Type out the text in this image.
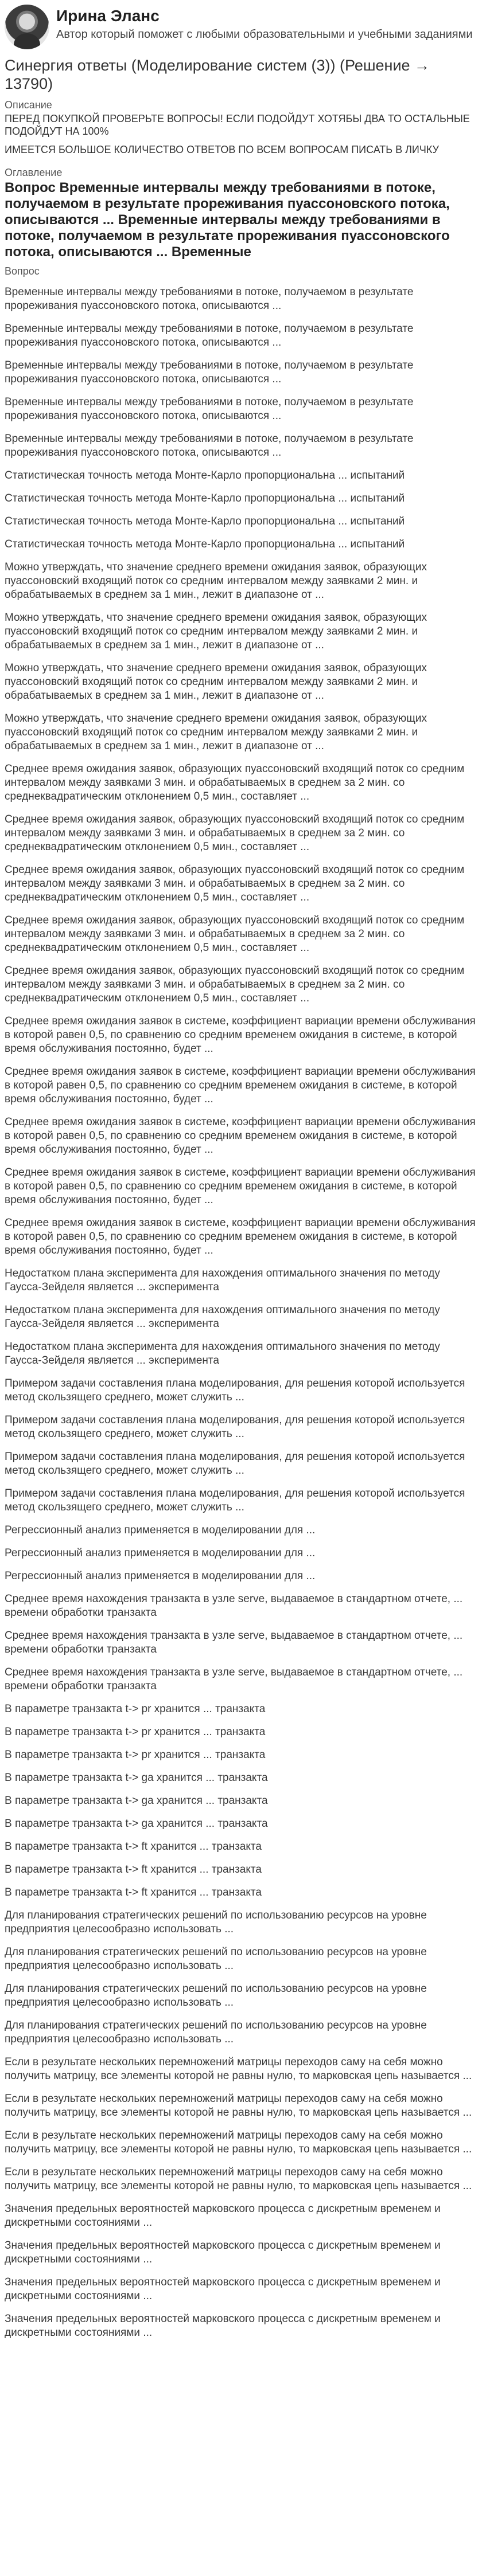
Ирина Эланс
Автор который поможет с любыми образовательными и учебными заданиями
Синергия ответы (Моделирование систем (3)) (Решение → 13790)
Описание
ПЕРЕД ПОКУПКОЙ ПРОВЕРЬТЕ ВОПРОСЫ! ЕСЛИ ПОДОЙДУТ ХОТЯБЫ ДВА ТО ОСТАЛЬНЫЕ ПОДОЙДУТ НА 100%
ИМЕЕТСЯ БОЛЬШОЕ КОЛИЧЕСТВО ОТВЕТОВ ПО ВСЕМ ВОПРОСАМ ПИСАТЬ В ЛИЧКУ
Оглавление
Вопрос Временные интервалы между требованиями в потоке, получаемом в результате прореживания пуассоновского потока, описываются ... Временные интервалы между требованиями в потоке, получаемом в результате прореживания пуассоновского потока, описываются ... Временные
Вопрос
Временные интервалы между требованиями в потоке, получаемом в результате прореживания пуассоновского потока, описываются ...
Временные интервалы между требованиями в потоке, получаемом в результате прореживания пуассоновского потока, описываются ...
Временные интервалы между требованиями в потоке, получаемом в результате прореживания пуассоновского потока, описываются ...
Временные интервалы между требованиями в потоке, получаемом в результате прореживания пуассоновского потока, описываются ...
Временные интервалы между требованиями в потоке, получаемом в результате прореживания пуассоновского потока, описываются ...
Статистическая точность метода Монте-Карло пропорциональна ... испытаний
Статистическая точность метода Монте-Карло пропорциональна ... испытаний
Статистическая точность метода Монте-Карло пропорциональна ... испытаний
Статистическая точность метода Монте-Карло пропорциональна ... испытаний
Можно утверждать, что значение среднего времени ожидания заявок, образующих пуассоновский входящий поток со средним интервалом между заявками 2 мин. и обрабатываемых в среднем за 1 мин., лежит в диапазоне от ...
Можно утверждать, что значение среднего времени ожидания заявок, образующих пуассоновский входящий поток со средним интервалом между заявками 2 мин. и обрабатываемых в среднем за 1 мин., лежит в диапазоне от ...
Можно утверждать, что значение среднего времени ожидания заявок, образующих пуассоновский входящий поток со средним интервалом между заявками 2 мин. и обрабатываемых в среднем за 1 мин., лежит в диапазоне от ...
Можно утверждать, что значение среднего времени ожидания заявок, образующих пуассоновский входящий поток со средним интервалом между заявками 2 мин. и обрабатываемых в среднем за 1 мин., лежит в диапазоне от ...
Среднее время ожидания заявок, образующих пуассоновский входящий поток со средним интервалом между заявками 3 мин. и обрабатываемых в среднем за 2 мин. со среднеквадратическим отклонением 0,5 мин., составляет ...
Среднее время ожидания заявок, образующих пуассоновский входящий поток со средним интервалом между заявками 3 мин. и обрабатываемых в среднем за 2 мин. со среднеквадратическим отклонением 0,5 мин., составляет ...
Среднее время ожидания заявок, образующих пуассоновский входящий поток со средним интервалом между заявками 3 мин. и обрабатываемых в среднем за 2 мин. со среднеквадратическим отклонением 0,5 мин., составляет ...
Среднее время ожидания заявок, образующих пуассоновский входящий поток со средним интервалом между заявками 3 мин. и обрабатываемых в среднем за 2 мин. со среднеквадратическим отклонением 0,5 мин., составляет ...
Среднее время ожидания заявок, образующих пуассоновский входящий поток со средним интервалом между заявками 3 мин. и обрабатываемых в среднем за 2 мин. со среднеквадратическим отклонением 0,5 мин., составляет ...
Среднее время ожидания заявок в системе, коэффициент вариации времени обслуживания в которой равен 0,5, по сравнению со средним временем ожидания в системе, в которой время обслуживания постоянно, будет ...
Среднее время ожидания заявок в системе, коэффициент вариации времени обслуживания в которой равен 0,5, по сравнению со средним временем ожидания в системе, в которой время обслуживания постоянно, будет ...
Среднее время ожидания заявок в системе, коэффициент вариации времени обслуживания в которой равен 0,5, по сравнению со средним временем ожидания в системе, в которой время обслуживания постоянно, будет ...
Среднее время ожидания заявок в системе, коэффициент вариации времени обслуживания в которой равен 0,5, по сравнению со средним временем ожидания в системе, в которой время обслуживания постоянно, будет ...
Среднее время ожидания заявок в системе, коэффициент вариации времени обслуживания в которой равен 0,5, по сравнению со средним временем ожидания в системе, в которой время обслуживания постоянно, будет ...
Недостатком плана эксперимента для нахождения оптимального значения по методу Гаусса-Зейделя является ... эксперимента
Недостатком плана эксперимента для нахождения оптимального значения по методу Гаусса-Зейделя является ... эксперимента
Недостатком плана эксперимента для нахождения оптимального значения по методу Гаусса-Зейделя является ... эксперимента
Примером задачи составления плана моделирования, для решения которой используется метод скользящего среднего, может служить ...
Примером задачи составления плана моделирования, для решения которой используется метод скользящего среднего, может служить ...
Примером задачи составления плана моделирования, для решения которой используется метод скользящего среднего, может служить ...
Примером задачи составления плана моделирования, для решения которой используется метод скользящего среднего, может служить ...
Регрессионный анализ применяется в моделировании для ...
Регрессионный анализ применяется в моделировании для ...
Регрессионный анализ применяется в моделировании для ...
Среднее время нахождения транзакта в узле serve, выдаваемое в стандартном отчете, ... времени обработки транзакта
Среднее время нахождения транзакта в узле serve, выдаваемое в стандартном отчете, ... времени обработки транзакта
Среднее время нахождения транзакта в узле serve, выдаваемое в стандартном отчете, ... времени обработки транзакта
В параметре транзакта t-> pr хранится ... транзакта
В параметре транзакта t-> pr хранится ... транзакта
В параметре транзакта t-> pr хранится ... транзакта
В параметре транзакта t-> ga хранится ... транзакта
В параметре транзакта t-> ga хранится ... транзакта
В параметре транзакта t-> ga хранится ... транзакта
В параметре транзакта t-> ft хранится ... транзакта
В параметре транзакта t-> ft хранится ... транзакта
В параметре транзакта t-> ft хранится ... транзакта
Для планирования стратегических решений по использованию ресурсов на уровне предприятия целесообразно использовать ...
Для планирования стратегических решений по использованию ресурсов на уровне предприятия целесообразно использовать ...
Для планирования стратегических решений по использованию ресурсов на уровне предприятия целесообразно использовать ...
Для планирования стратегических решений по использованию ресурсов на уровне предприятия целесообразно использовать ...
Если в результате нескольких перемножений матрицы переходов саму на себя можно получить матрицу, все элементы которой не равны нулю, то марковская цепь называется ...
Если в результате нескольких перемножений матрицы переходов саму на себя можно получить матрицу, все элементы которой не равны нулю, то марковская цепь называется ...
Если в результате нескольких перемножений матрицы переходов саму на себя можно получить матрицу, все элементы которой не равны нулю, то марковская цепь называется ...
Если в результате нескольких перемножений матрицы переходов саму на себя можно получить матрицу, все элементы которой не равны нулю, то марковская цепь называется ...
Значения предельных вероятностей марковского процесса с дискретным временем и дискретными состояниями ...
Значения предельных вероятностей марковского процесса с дискретным временем и дискретными состояниями ...
Значения предельных вероятностей марковского процесса с дискретным временем и дискретными состояниями ...
Значения предельных вероятностей марковского процесса с дискретным временем и дискретными состояниями ...
